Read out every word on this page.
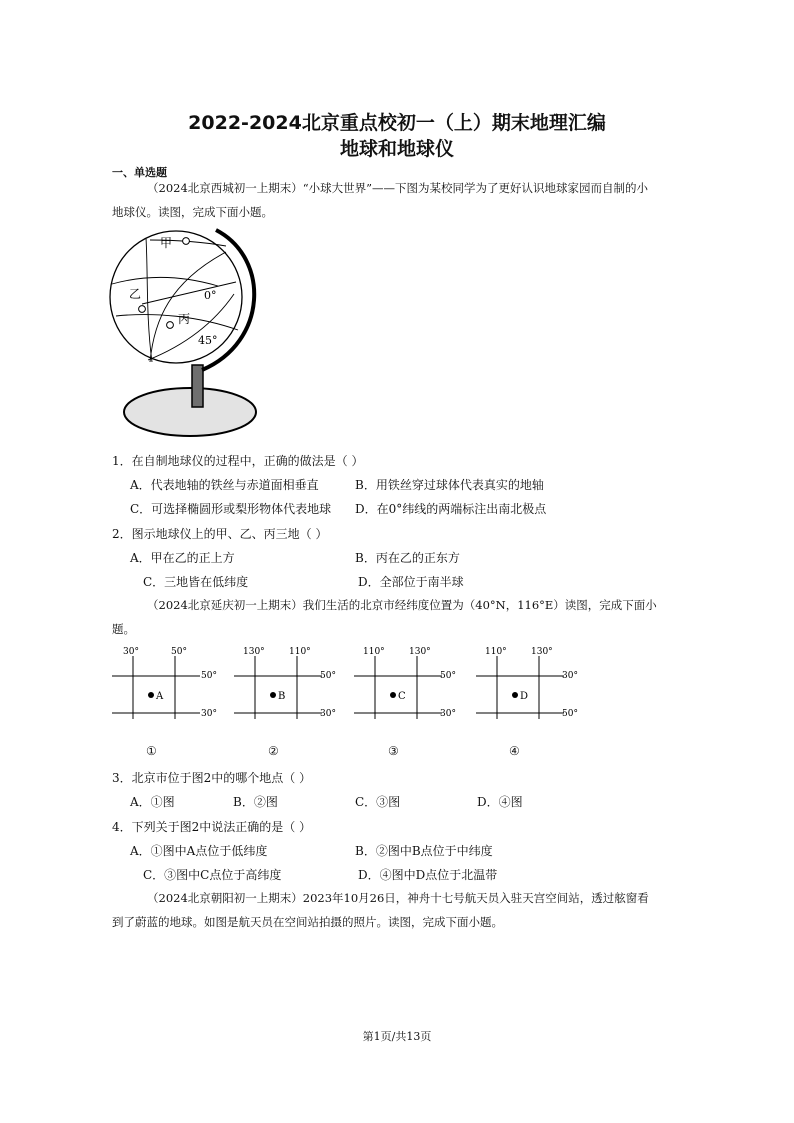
2022-2024北京重点校初一（上）期末地理汇编
地球和地球仪
一、单选题
（2024北京西城初一上期末）“小球大世界”——下图为某校同学为了更好认识地球家园而自制的小
地球仪。读图，完成下面小题。
甲
乙
丙
0°
45°
1．在自制地球仪的过程中，正确的做法是（ ）
A．代表地轴的铁丝与赤道面相垂直	B．用铁丝穿过球体代表真实的地轴
C．可选择椭圆形或梨形物体代表地球 D．在0°纬线的两端标注出南北极点
2．图示地球仪上的甲、乙、丙三地（ ）
A．甲在乙的正上方	B．丙在乙的正东方
C．三地皆在低纬度	D．全部位于南半球
（2024北京延庆初一上期末）我们生活的北京市经纬度位置为（40°N，116°E）读图，完成下面小
题。
A
30°	50°
50°
30°
①
B
130°	110°
50°
30°
②
C
110°	130°
50°
30°
③
D
110°	130°
30°
50°
④
3．北京市位于图2中的哪个地点（ ）
A．①图	B．②图	C．③图	D．④图
4．下列关于图2中说法正确的是（ ）
A．①图中A点位于低纬度	B．②图中B点位于中纬度
C．③图中C点位于高纬度	D．④图中D点位于北温带
（2024北京朝阳初一上期末）2023年10月26日，神舟十七号航天员入驻天宫空间站，透过舷窗看
到了蔚蓝的地球。如图是航天员在空间站拍摄的照片。读图，完成下面小题。
第1页/共13页
